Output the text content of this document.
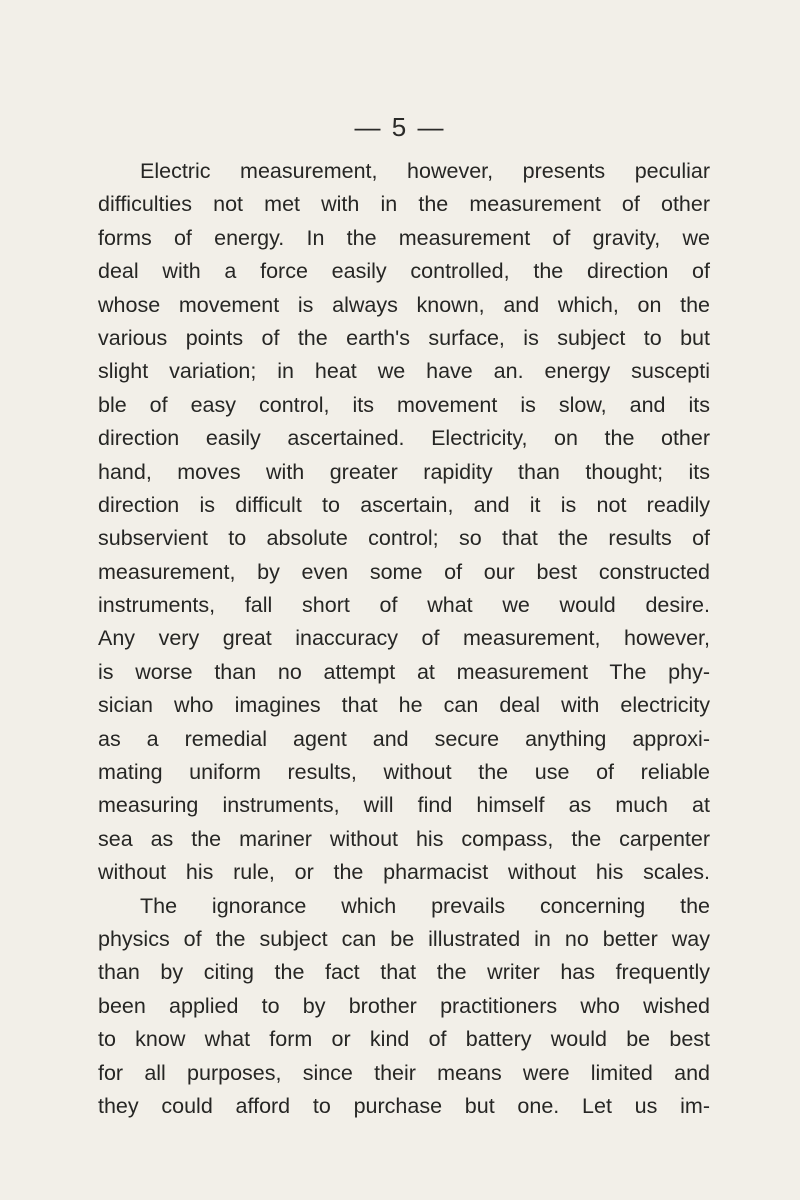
— 5 —
Electric measurement, however, presents peculiar
difficulties not met with in the measurement of other
forms of energy. In the measurement of gravity, we
deal with a force easily controlled, the direction of
whose movement is always known, and which, on the
various points of the earth's surface, is subject to but
slight variation; in heat we have an. energy suscepti
ble of easy control, its movement is slow, and its
direction easily ascertained. Electricity, on the other
hand, moves with greater rapidity than thought; its
direction is difficult to ascertain, and it is not readily
subservient to absolute control; so that the results of
measurement, by even some of our best constructed
instruments, fall short of what we would desire.
Any very great inaccuracy of measurement, however,
is worse than no attempt at measurement The phy-
sician who imagines that he can deal with electricity
as a remedial agent and secure anything approxi-
mating uniform results, without the use of reliable
measuring instruments, will find himself as much at
sea as the mariner without his compass, the carpenter
without his rule, or the pharmacist without his scales.
The ignorance which prevails concerning the
physics of the subject can be illustrated in no better way
than by citing the fact that the writer has frequently
been applied to by brother practitioners who wished
to know what form or kind of battery would be best
for all purposes, since their means were limited and
they could afford to purchase but one. Let us im-
